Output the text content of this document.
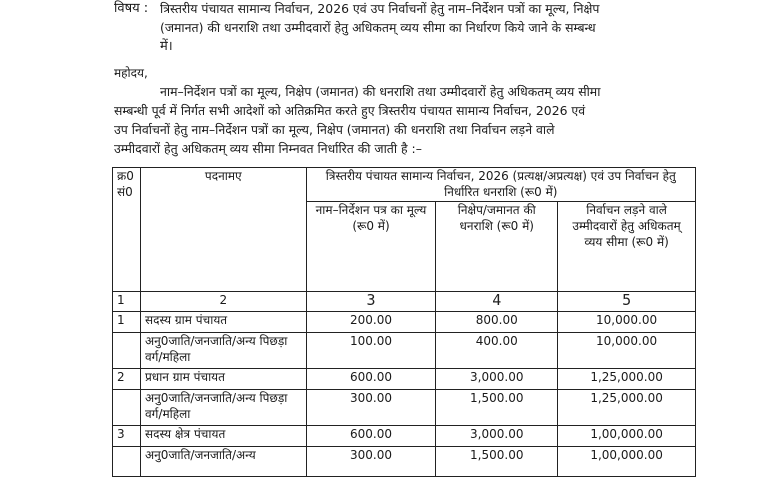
विषय : त्रिस्तरीय पंचायत सामान्य निर्वाचन, 2026 एवं उप निर्वाचनों हेतु नाम–निर्देशन पत्रों का मूल्य, निक्षेप
(जमानत) की धनराशि तथा उम्मीदवारों हेतु अधिकतम् व्यय सीमा का निर्धारण किये जाने के सम्बन्ध
में।
महोदय,
नाम–निर्देशन पत्रों का मूल्य, निक्षेप (जमानत) की धनराशि तथा उम्मीदवारों हेतु अधिकतम् व्यय सीमा
सम्बन्धी पूर्व में निर्गत सभी आदेशों को अतिक्रमित करते हुए त्रिस्तरीय पंचायत सामान्य निर्वाचन, 2026 एवं
उप निर्वाचनों हेतु नाम–निर्देशन पत्रों का मूल्य, निक्षेप (जमानत) की धनराशि तथा निर्वाचन लड़ने वाले
उम्मीदवारों हेतु अधिकतम् व्यय सीमा निम्नवत निर्धारित की जाती है :–
क्र0 सं0	पदनामए	त्रिस्तरीय पंचायत सामान्य निर्वाचन, 2026 (प्रत्यक्ष/अप्रत्यक्ष) एवं उप निर्वाचन हेतु निर्धारित धनराशि (रू0 में)		
		नाम–निर्देशन पत्र का मूल्य (रू0 में)	निक्षेप/जमानत की धनराशि (रू0 में)	निर्वाचन लड़ने वाले उम्मीदवारों हेतु अधिकतम् व्यय सीमा (रू0 में)
1	2	3	4	5
1	सदस्य ग्राम पंचायत	200.00	800.00	10,000.00
	अनु0जाति/जनजाति/अन्य पिछड़ा वर्ग/महिला	100.00	400.00	10,000.00
2	प्रधान ग्राम पंचायत	600.00	3,000.00	1,25,000.00
	अनु0जाति/जनजाति/अन्य पिछड़ा वर्ग/महिला	300.00	1,500.00	1,25,000.00
3	सदस्य क्षेत्र पंचायत	600.00	3,000.00	1,00,000.00
	अनु0जाति/जनजाति/अन्य	300.00	1,500.00	1,00,000.00
